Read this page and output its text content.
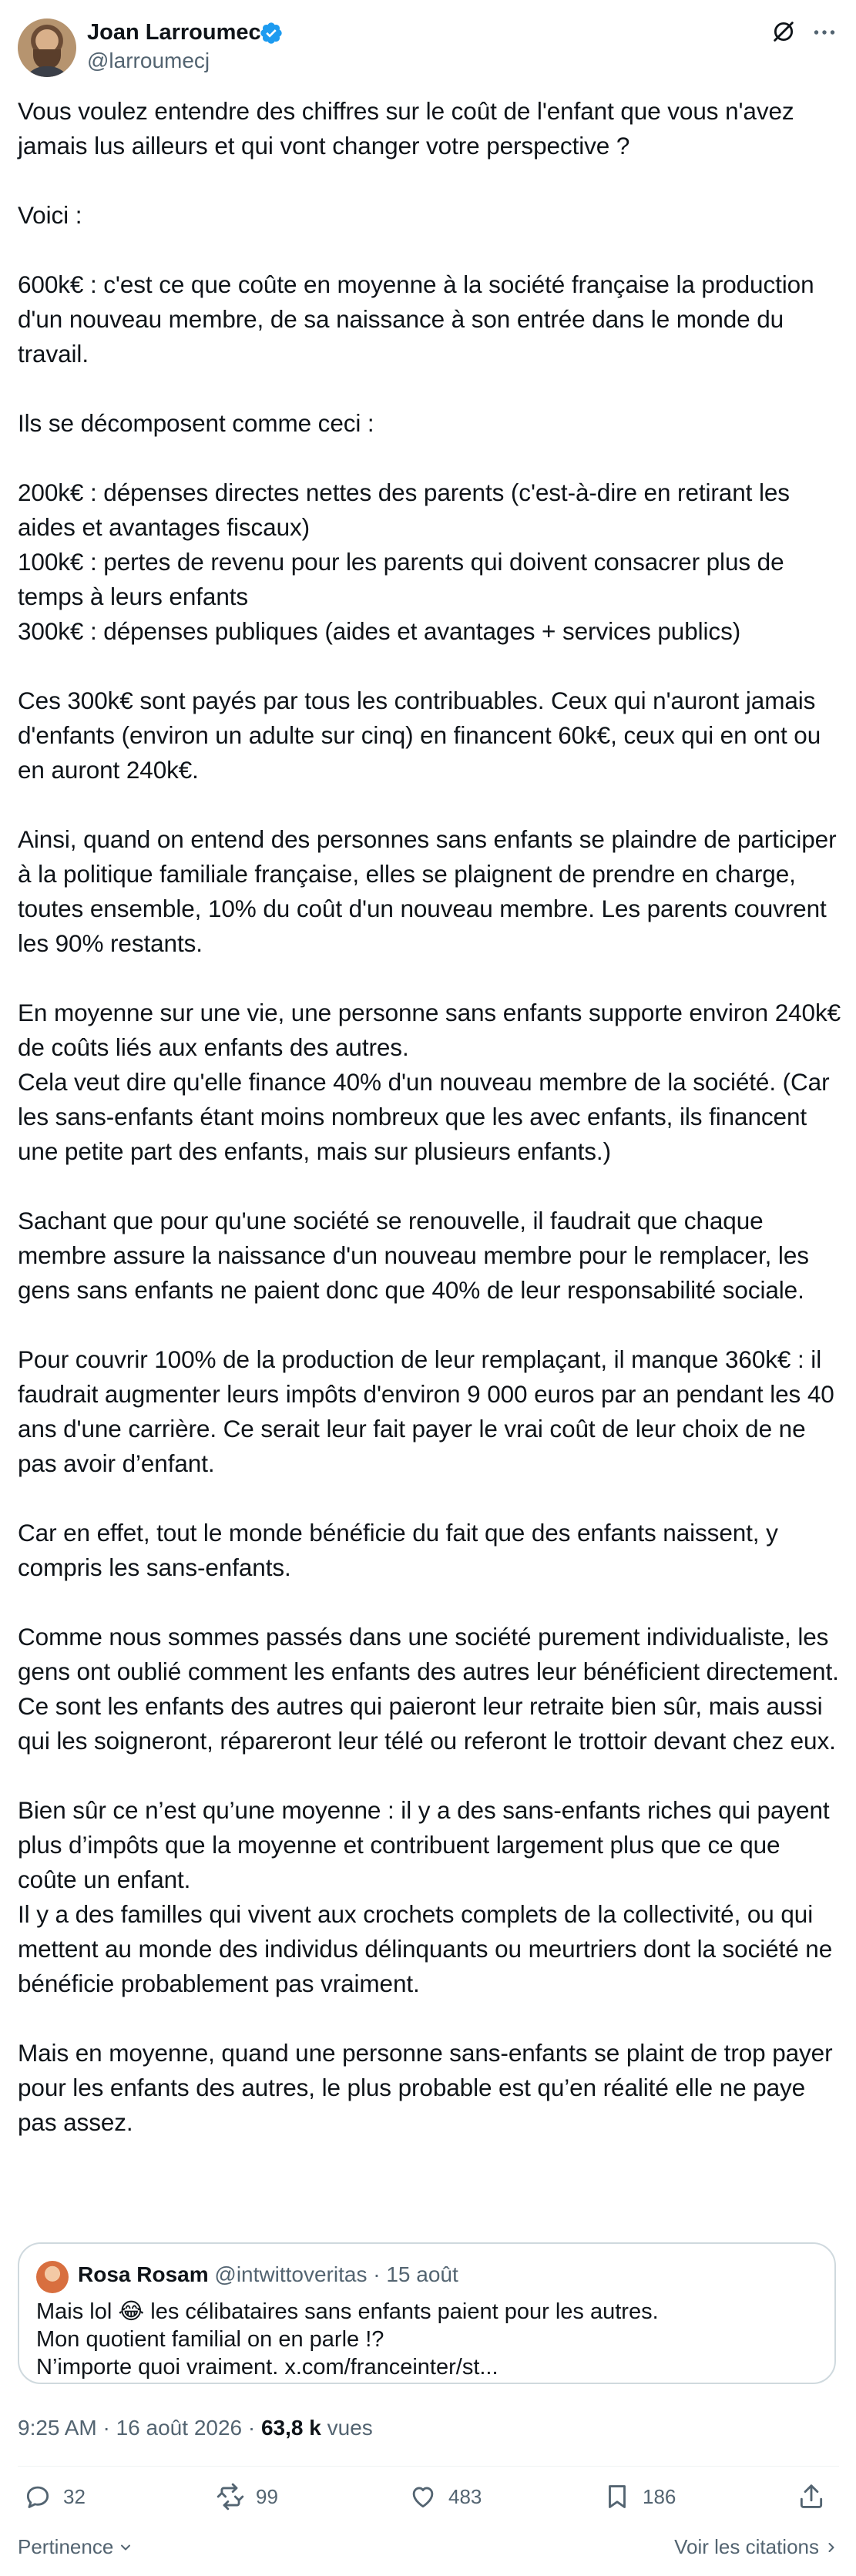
Joan Larroumec
@larroumecj
Vous voulez entendre des chiffres sur le coût de l'enfant que vous n'avez jamais lus ailleurs et qui vont changer votre perspective ?

Voici :

600k€ : c'est ce que coûte en moyenne à la société française la production d'un nouveau membre, de sa naissance à son entrée dans le monde du travail.

Ils se décomposent comme ceci :

200k€ : dépenses directes nettes des parents (c'est-à-dire en retirant les aides et avantages fiscaux)
100k€ : pertes de revenu pour les parents qui doivent consacrer plus de temps à leurs enfants
300k€ : dépenses publiques (aides et avantages + services publics)

Ces 300k€ sont payés par tous les contribuables. Ceux qui n'auront jamais d'enfants (environ un adulte sur cinq) en financent 60k€, ceux qui en ont ou en auront 240k€.

Ainsi, quand on entend des personnes sans enfants se plaindre de participer à la politique familiale française, elles se plaignent de prendre en charge, toutes ensemble, 10% du coût d'un nouveau membre. Les parents couvrent les 90% restants.

En moyenne sur une vie, une personne sans enfants supporte environ 240k€ de coûts liés aux enfants des autres.
Cela veut dire qu'elle finance 40% d'un nouveau membre de la société. (Car les sans-enfants étant moins nombreux que les avec enfants, ils financent une petite part des enfants, mais sur plusieurs enfants.)

Sachant que pour qu'une société se renouvelle, il faudrait que chaque membre assure la naissance d'un nouveau membre pour le remplacer, les gens sans enfants ne paient donc que 40% de leur responsabilité sociale.

Pour couvrir 100% de la production de leur remplaçant, il manque 360k€ : il faudrait augmenter leurs impôts d'environ 9 000 euros par an pendant les 40 ans d'une carrière. Ce serait leur fait payer le vrai coût de leur choix de ne pas avoir d’enfant.

Car en effet, tout le monde bénéficie du fait que des enfants naissent, y compris les sans-enfants.

Comme nous sommes passés dans une société purement individualiste, les gens ont oublié comment les enfants des autres leur bénéficient directement. Ce sont les enfants des autres qui paieront leur retraite bien sûr, mais aussi qui les soigneront, répareront leur télé ou referont le trottoir devant chez eux.

Bien sûr ce n’est qu’une moyenne : il y a des sans-enfants riches qui payent plus d’impôts que la moyenne et contribuent largement plus que ce que coûte un enfant.
Il y a des familles qui vivent aux crochets complets de la collectivité, ou qui mettent au monde des individus délinquants ou meurtriers dont la société ne bénéficie probablement pas vraiment.

Mais en moyenne, quand une personne sans-enfants se plaint de trop payer pour les enfants des autres, le plus probable est qu’en réalité elle ne paye pas assez.
Rosa Rosam @intwittoveritas · 15 août
Mais lol 😂 les célibataires sans enfants paient pour les autres.
Mon quotient familial on en parle !?
N’importe quoi vraiment. x.com/franceinter/st...
9:25 AM · 16 août 2026 · 63,8 k vues
32	99	483	186
Pertinence	Voir les citations
